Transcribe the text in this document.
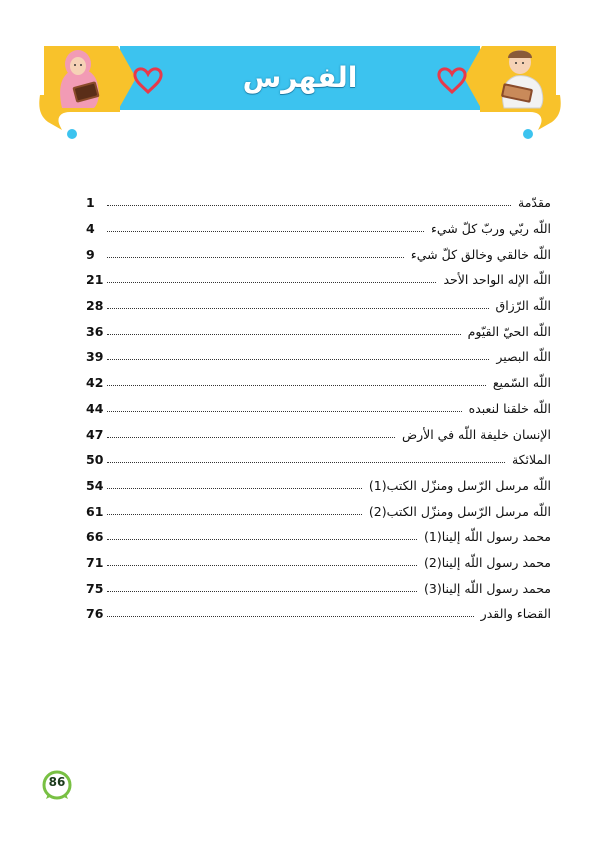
الفهرس
مقدّمة
1
اللّه ربّي وربّ كلّ شيء
4
اللّه خالقي وخالق كلّ شيء
9
اللّه الإله الواحد الأحد
21
اللّه الرّزاق
28
اللّه الحيّ القيّوم
36
اللّه البصير
39
اللّه السّميع
42
اللّه خلقنا لنعبده
44
الإنسان خليفة اللّه في الأرض
47
الملائكة
50
اللّه مرسل الرّسل ومنزّل الكتب(1)
54
اللّه مرسل الرّسل ومنزّل الكتب(2)
61
محمد رسول اللّه إلينا(1)
66
محمد رسول اللّه إلينا(2)
71
محمد رسول اللّه إلينا(3)
75
القضاء والقدر
76
86
